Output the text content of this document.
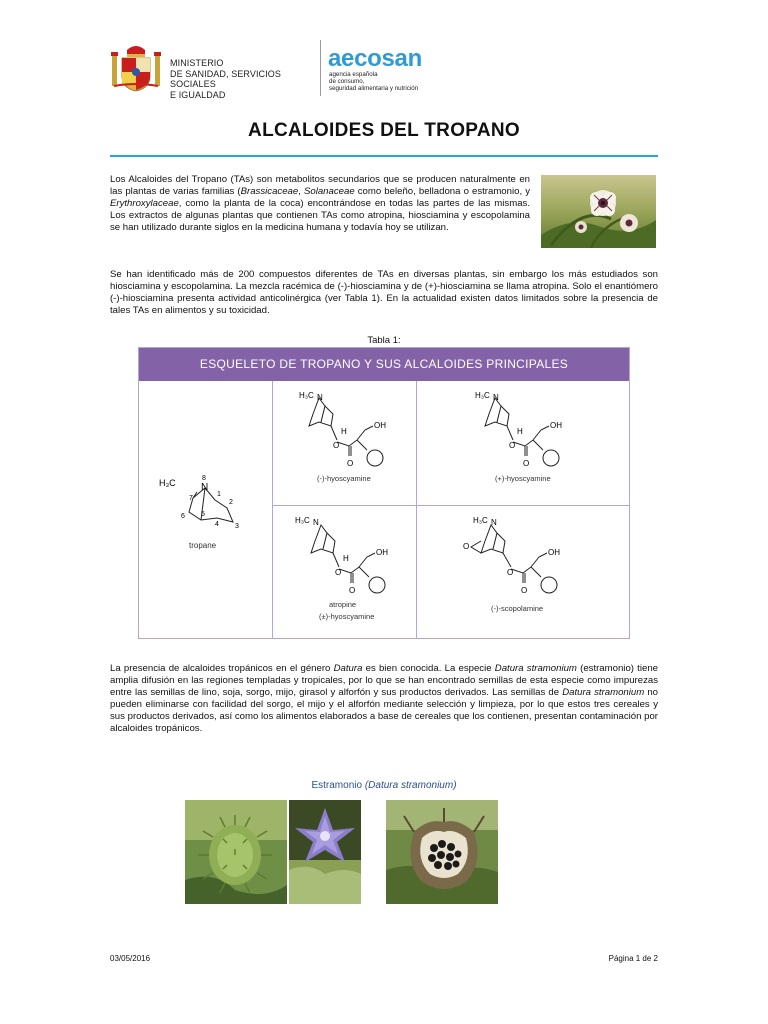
MINISTERIO
DE SANIDAD, SERVICIOS SOCIALES
E IGUALDAD
aecosan
agencia española
de consumo,
seguridad alimentaria y nutrición
ALCALOIDES DEL TROPANO
Los Alcaloides del Tropano (TAs) son metabolitos secundarios que se producen naturalmente en las plantas de varias familias (Brassicaceae, Solanaceae como beleño, belladona o estramonio, y Erythroxylaceae, como la planta de la coca) encontrándose en todas las partes de las mismas. Los extractos de algunas plantas que contienen TAs como atropina, hiosciamina y escopolamina se han utilizado durante siglos en la medicina humana y todavía hoy se utilizan.
Se han identificado más de 200 compuestos diferentes de TAs en diversas plantas, sin embargo los más estudiados son hiosciamina y escopolamina. La mezcla racémica de (-)-hiosciamina y de (+)-hiosciamina se llama atropina. Solo el enantiómero (-)-hiosciamina presenta actividad anticolinérgica (ver Tabla 1). En la actualidad existen datos limitados sobre la presencia de tales TAs en alimentos y su toxicidad.
Tabla 1:
ESQUELETO DE TROPANO Y SUS ALCALOIDES PRINCIPALES
H₃C	N
8
1
2
3
4
5
6
7
tropane
H₃C N
H
O
O
OH
(-)-hyoscyamine
H₃C N
H
O
O
OH
(+)-hyoscyamine
H₃C N
H
O
O
OH
atropine
(±)-hyoscyamine
H₃C N
O
O
O
OH
(-)-scopolamine
La presencia de alcaloides tropánicos en el género Datura es bien conocida. La especie Datura stramonium (estramonio) tiene amplia difusión en las regiones templadas y tropicales, por lo que se han encontrado semillas de esta especie como impurezas entre las semillas de lino, soja, sorgo, mijo, girasol y alforfón y sus productos derivados. Las semillas de Datura stramonium no pueden eliminarse con facilidad del sorgo, el mijo y el alforfón mediante selección y limpieza, por lo que estos tres cereales y sus productos derivados, así como los alimentos elaborados a base de cereales que los contienen, presentan contaminación por alcaloides tropánicos.
Estramonio (Datura stramonium)
03/05/2016	Página 1 de 2
